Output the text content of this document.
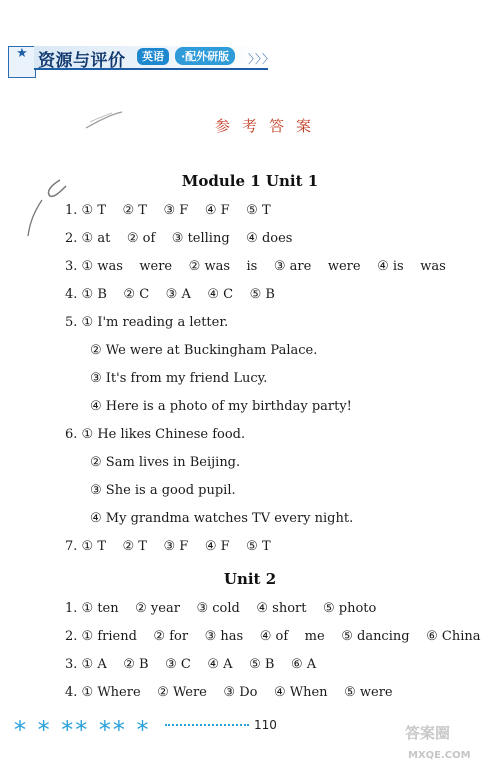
★ 资源与评价	英语	·配外研版	〉〉〉
参考答案
Module 1 Unit 1
1. ① T    ② T    ③ F    ④ F    ⑤ T
2. ① at    ② of    ③ telling    ④ does
3. ① was    were    ② was    is    ③ are    were    ④ is    was
4. ① B    ② C    ③ A    ④ C    ⑤ B
5. ① I'm reading a letter.
② We were at Buckingham Palace.
③ It's from my friend Lucy.
④ Here is a photo of my birthday party!
6. ① He likes Chinese food.
② Sam lives in Beijing.
③ She is a good pupil.
④ My grandma watches TV every night.
7. ① T    ② T    ③ F    ④ F    ⑤ T
Unit 2
1. ① ten    ② year    ③ cold    ④ short    ⑤ photo
2. ① friend    ② for    ③ has    ④ of    me    ⑤ dancing    ⑥ China
3. ① A    ② B    ③ C    ④ A    ⑤ B    ⑥ A
4. ① Where    ② Were    ③ Do    ④ When    ⑤ were
* * ** ** *	110	答案圈
MXQE.COM
